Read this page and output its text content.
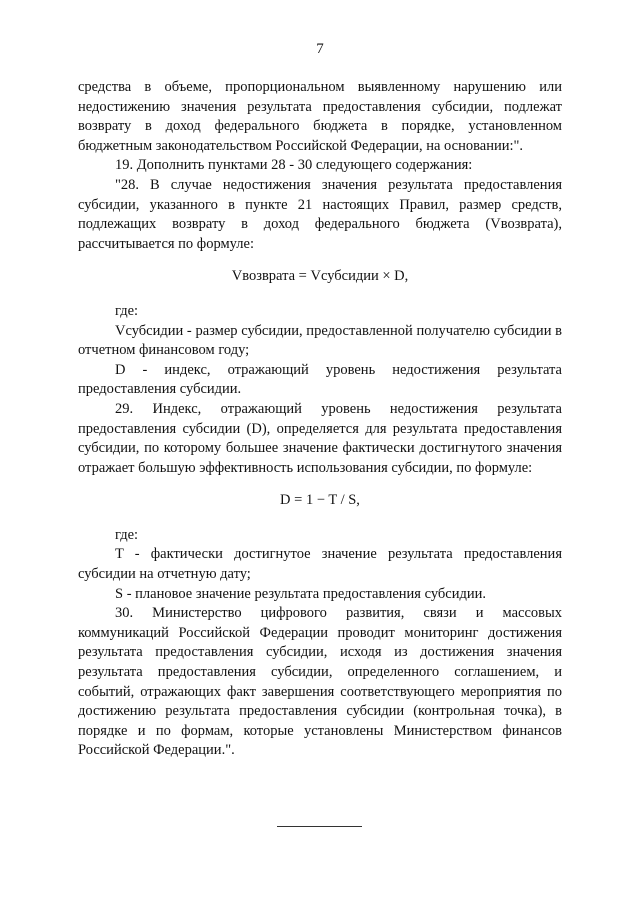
7

средства в объеме, пропорциональном выявленному нарушению или недостижению значения результата предоставления субсидии, подлежат возврату в доход федерального бюджета в порядке, установленном бюджетным законодательством Российской Федерации, на основании:".

19. Дополнить пунктами 28 - 30 следующего содержания:

"28. В случае недостижения значения результата предоставления субсидии, указанного в пункте 21 настоящих Правил, размер средств, подлежащих возврату в доход федерального бюджета (Vвозврата), рассчитывается по формуле:

Vвозврата = Vсубсидии × D,

где:

Vсубсидии - размер субсидии, предоставленной получателю субсидии в отчетном финансовом году;

D - индекс, отражающий уровень недостижения результата предоставления субсидии.

29. Индекс, отражающий уровень недостижения результата предоставления субсидии (D), определяется для результата предоставления субсидии, по которому большее значение фактически достигнутого значения отражает большую эффективность использования субсидии, по формуле:

D = 1 − T / S,

где:

T - фактически достигнутое значение результата предоставления субсидии на отчетную дату;

S - плановое значение результата предоставления субсидии.

30. Министерство цифрового развития, связи и массовых коммуникаций Российской Федерации проводит мониторинг достижения результата предоставления субсидии, исходя из достижения значения результата предоставления субсидии, определенного соглашением, и событий, отражающих факт завершения соответствующего мероприятия по достижению результата предоставления субсидии (контрольная точка), в порядке и по формам, которые установлены Министерством финансов Российской Федерации.".
